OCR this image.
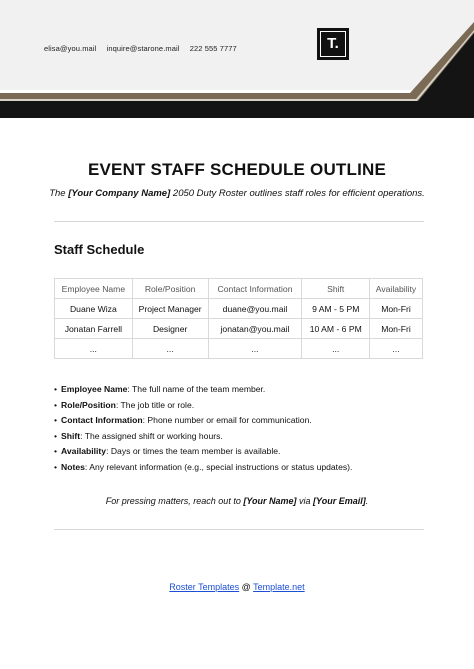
elisa@you.mail inquire@starone.mail 222 555 7777	T.
EVENT STAFF SCHEDULE OUTLINE
The [Your Company Name] 2050 Duty Roster outlines staff roles for efficient operations.
Staff Schedule
Employee Name	Role/Position	Contact Information	Shift	Availability
Duane Wiza	Project Manager	duane@you.mail	9 AM - 5 PM	Mon-Fri
Jonatan Farrell	Designer	jonatan@you.mail	10 AM - 6 PM	Mon-Fri
...	...	...	...	...
• Employee Name: The full name of the team member.
• Role/Position: The job title or role.
• Contact Information: Phone number or email for communication.
• Shift: The assigned shift or working hours.
• Availability: Days or times the team member is available.
• Notes: Any relevant information (e.g., special instructions or status updates).
For pressing matters, reach out to [Your Name] via [Your Email].
Roster Templates @ Template.net
